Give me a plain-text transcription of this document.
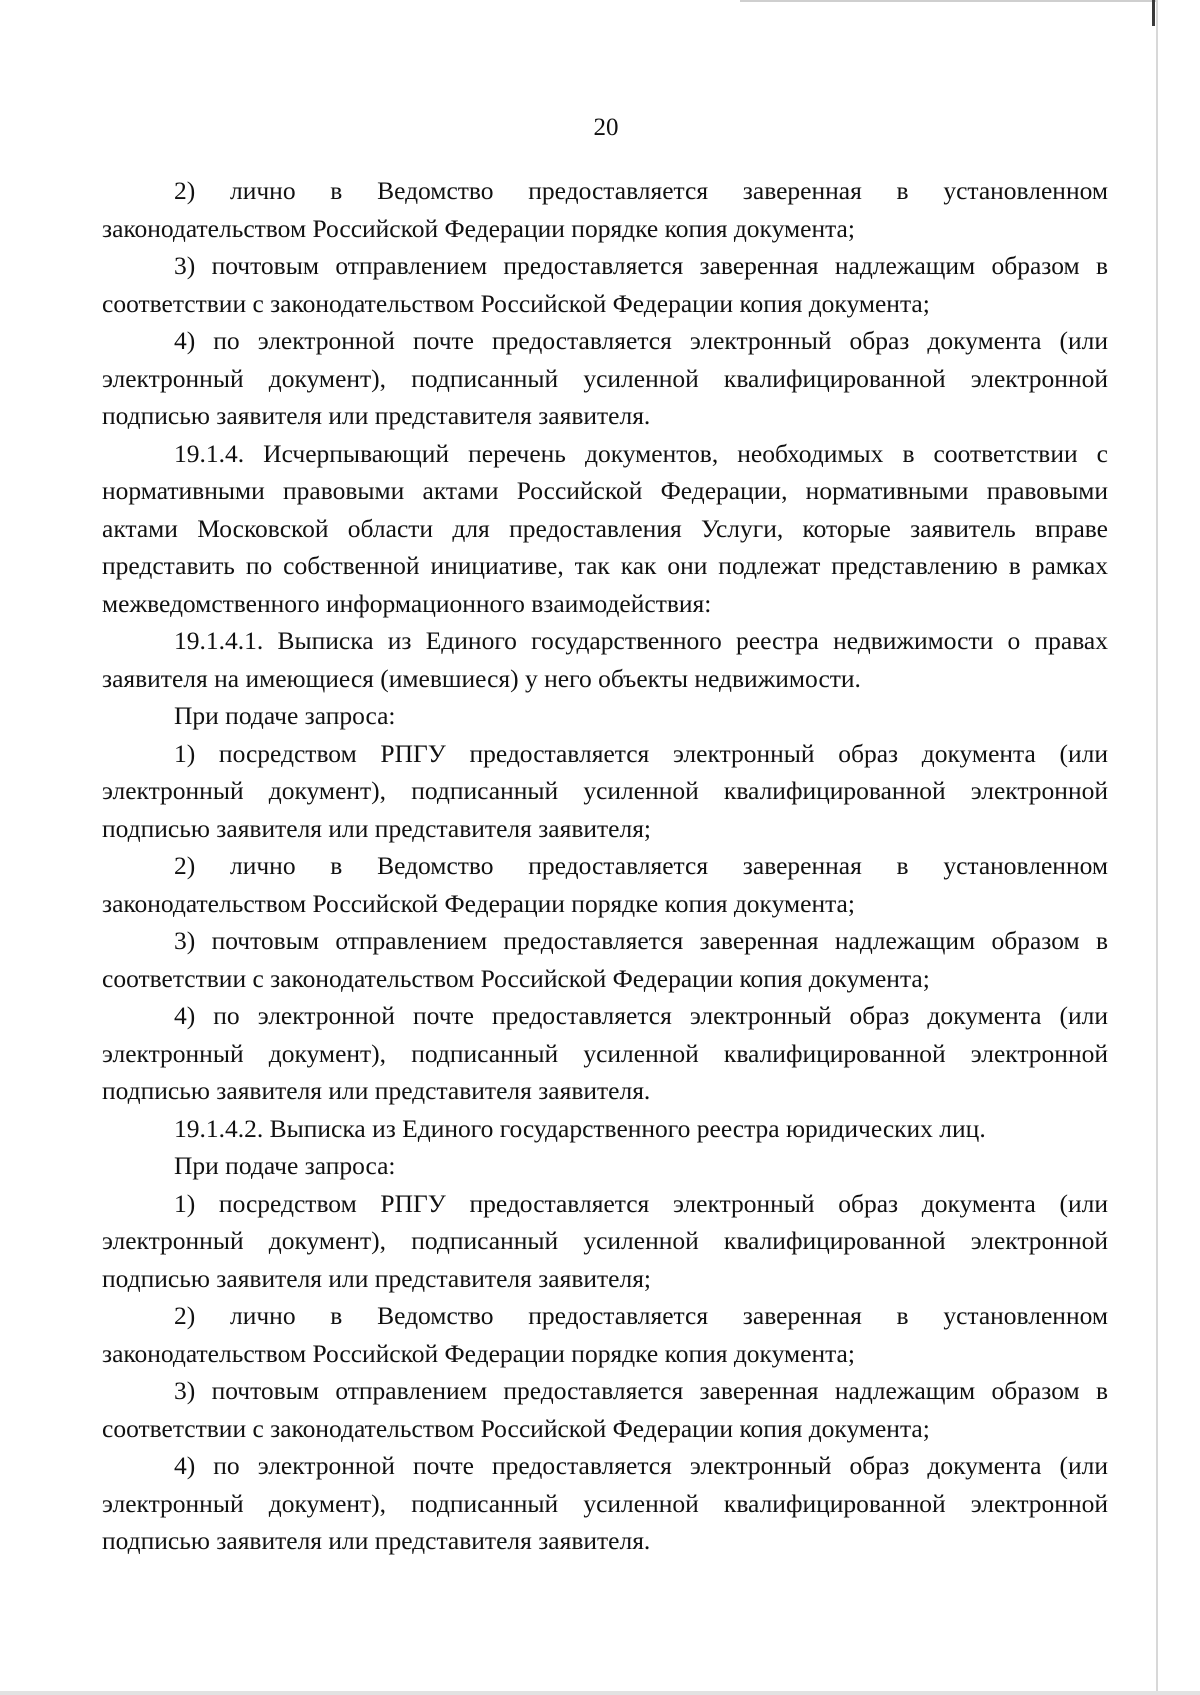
20

2) лично в Ведомство предоставляется заверенная в установленном законодательством Российской Федерации порядке копия документа;

3) почтовым отправлением предоставляется заверенная надлежащим образом в соответствии с законодательством Российской Федерации копия документа;

4) по электронной почте предоставляется электронный образ документа (или электронный документ), подписанный усиленной квалифицированной электронной подписью заявителя или представителя заявителя.

19.1.4. Исчерпывающий перечень документов, необходимых в соответствии с нормативными правовыми актами Российской Федерации, нормативными правовыми актами Московской области для предоставления Услуги, которые заявитель вправе представить по собственной инициативе, так как они подлежат представлению в рамках межведомственного информационного взаимодействия:

19.1.4.1. Выписка из Единого государственного реестра недвижимости о правах заявителя на имеющиеся (имевшиеся) у него объекты недвижимости.

При подаче запроса:

1) посредством РПГУ предоставляется электронный образ документа (или электронный документ), подписанный усиленной квалифицированной электронной подписью заявителя или представителя заявителя;

2) лично в Ведомство предоставляется заверенная в установленном законодательством Российской Федерации порядке копия документа;

3) почтовым отправлением предоставляется заверенная надлежащим образом в соответствии с законодательством Российской Федерации копия документа;

4) по электронной почте предоставляется электронный образ документа (или электронный документ), подписанный усиленной квалифицированной электронной подписью заявителя или представителя заявителя.

19.1.4.2. Выписка из Единого государственного реестра юридических лиц.

При подаче запроса:

1) посредством РПГУ предоставляется электронный образ документа (или электронный документ), подписанный усиленной квалифицированной электронной подписью заявителя или представителя заявителя;

2) лично в Ведомство предоставляется заверенная в установленном законодательством Российской Федерации порядке копия документа;

3) почтовым отправлением предоставляется заверенная надлежащим образом в соответствии с законодательством Российской Федерации копия документа;

4) по электронной почте предоставляется электронный образ документа (или электронный документ), подписанный усиленной квалифицированной электронной подписью заявителя или представителя заявителя.
